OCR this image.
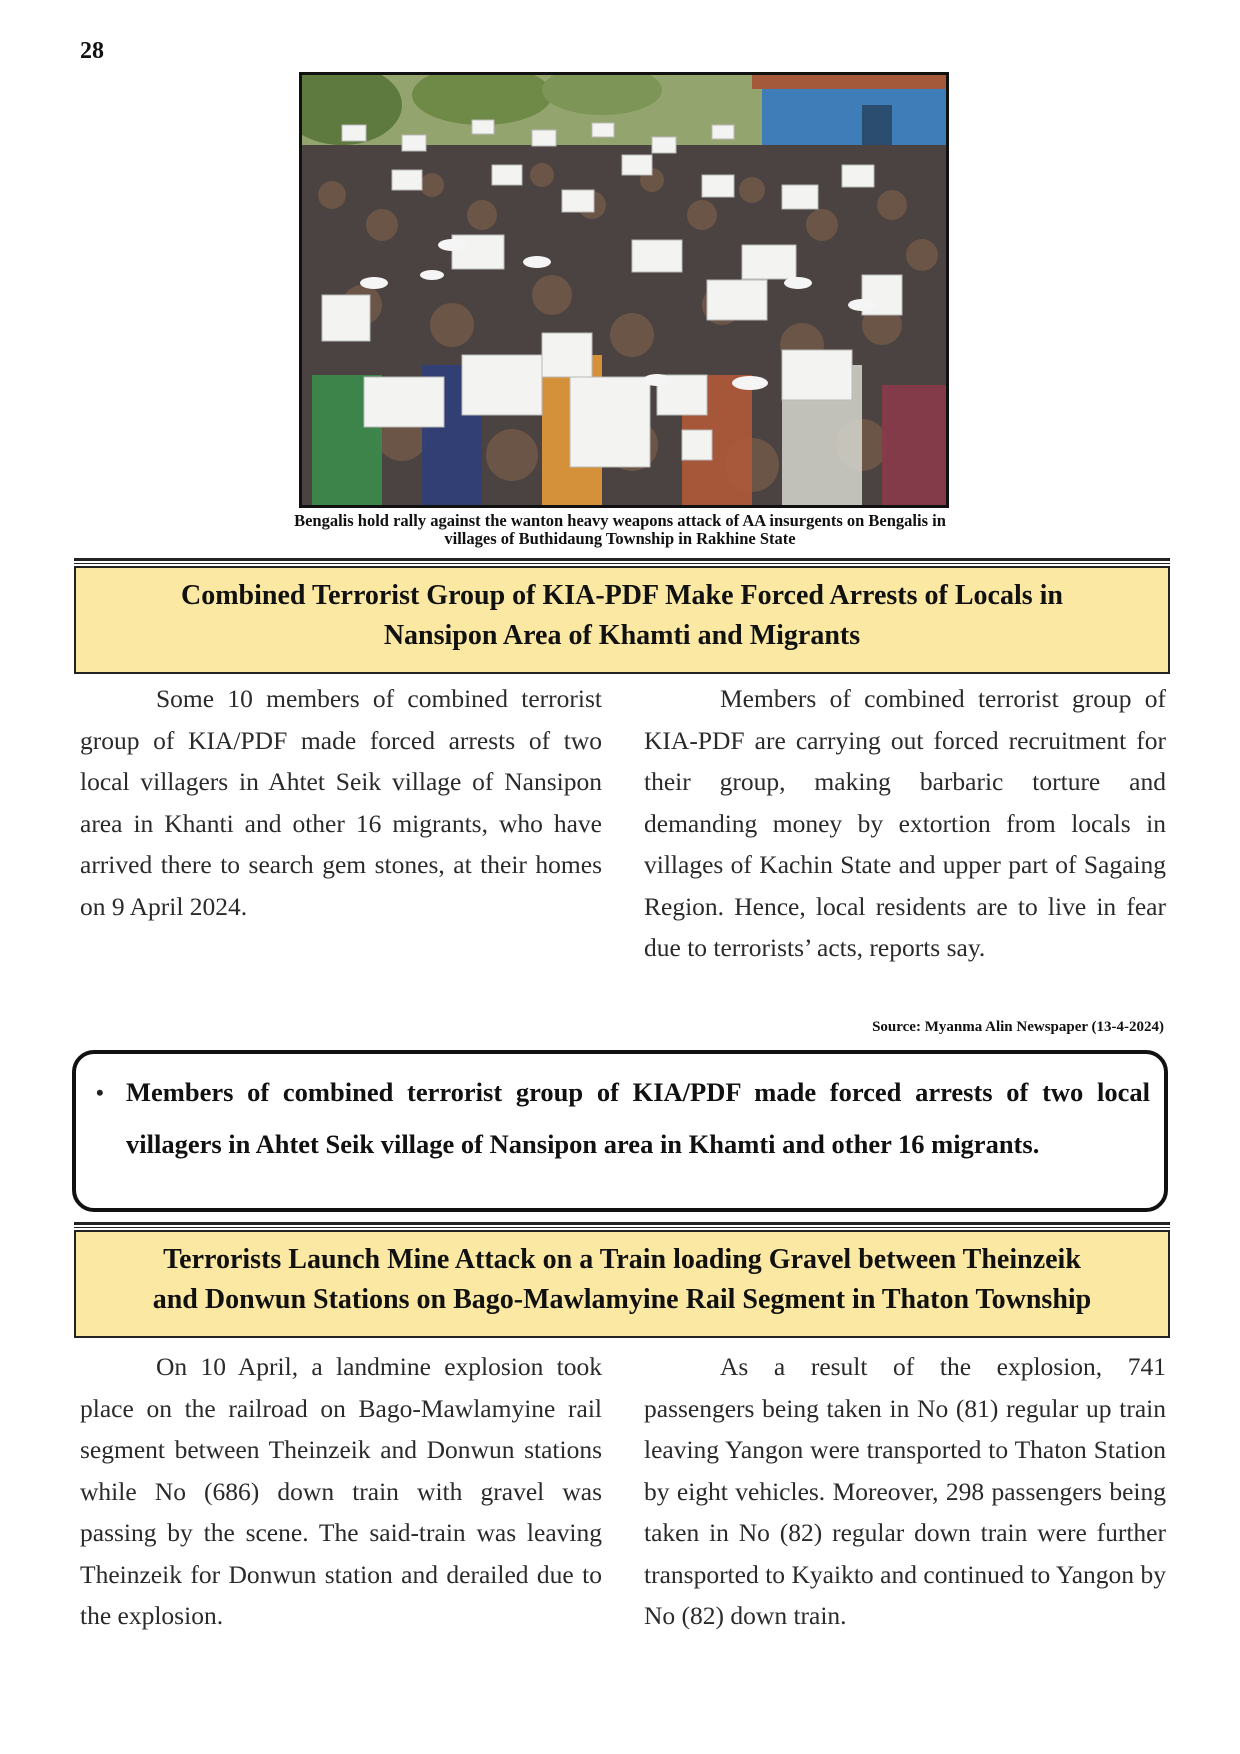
28
Bengalis hold rally against the wanton heavy weapons attack of AA insurgents on Bengalis in
villages of Buthidaung Township in Rakhine State
Combined Terrorist Group of KIA-PDF Make Forced Arrests of Locals in
Nansipon Area of Khamti and Migrants

Some 10 members of combined terrorist group of KIA/PDF made forced arrests of two local villagers in Ahtet Seik village of Nansipon area in Khanti and other 16 migrants, who have arrived there to search gem stones, at their homes on 9 April 2024.

Members of combined terrorist group of KIA-PDF are carrying out forced recruitment for their group, making barbaric torture and demanding money by extortion from locals in villages of Kachin State and upper part of Sagaing Region. Hence, local residents are to live in fear due to terrorists’ acts, reports say.

Source: Myanma Alin Newspaper (13-4-2024)
• Members of combined terrorist group of KIA/PDF made forced arrests of two local villagers in Ahtet Seik village of Nansipon area in Khamti and other 16 migrants.
Terrorists Launch Mine Attack on a Train loading Gravel between Theinzeik
and Donwun Stations on Bago-Mawlamyine Rail Segment in Thaton Township

On 10 April, a landmine explosion took place on the railroad on Bago-Mawlamyine rail segment between Theinzeik and Donwun stations while No (686) down train with gravel was passing by the scene. The said-train was leaving Theinzeik for Donwun station and derailed due to the explosion.

As a result of the explosion, 741 passengers being taken in No (81) regular up train leaving Yangon were transported to Thaton Station by eight vehicles. Moreover, 298 passengers being taken in No (82) regular down train were further transported to Kyaikto and continued to Yangon by No (82) down train.
